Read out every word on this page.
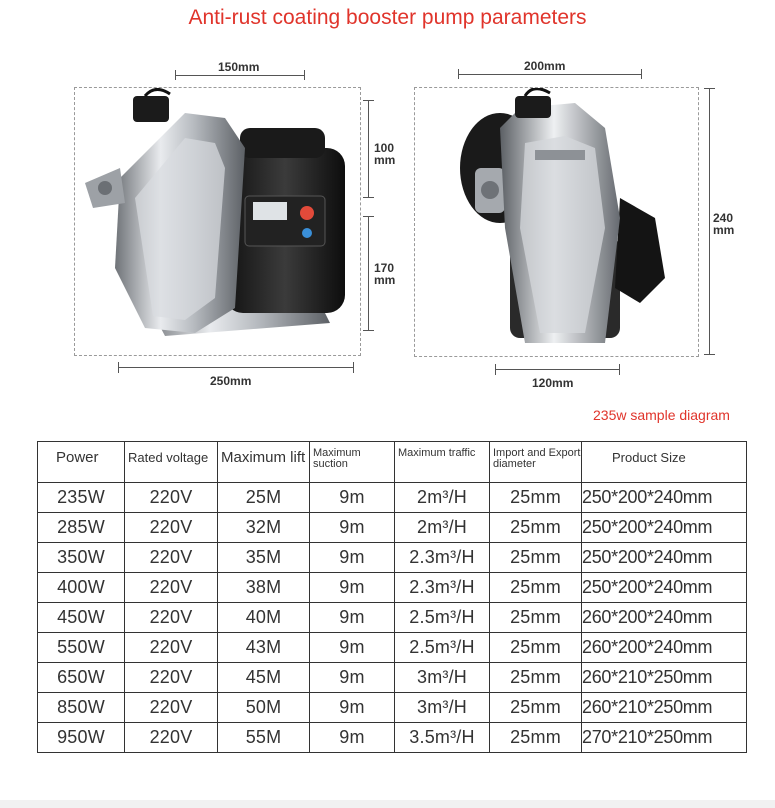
Anti-rust coating booster pump parameters
150mm
100
mm
170
mm
250mm
200mm
240
mm
120mm
235w sample diagram
Power	Rated voltage	Maximum lift	Maximum suction	Maximum traffic	Import and Export diameter	Product Size
235W	220V	25M	9m	2m³/H	25mm	250*200*240mm
285W	220V	32M	9m	2m³/H	25mm	250*200*240mm
350W	220V	35M	9m	2.3m³/H	25mm	250*200*240mm
400W	220V	38M	9m	2.3m³/H	25mm	250*200*240mm
450W	220V	40M	9m	2.5m³/H	25mm	260*200*240mm
550W	220V	43M	9m	2.5m³/H	25mm	260*200*240mm
650W	220V	45M	9m	3m³/H	25mm	260*210*250mm
850W	220V	50M	9m	3m³/H	25mm	260*210*250mm
950W	220V	55M	9m	3.5m³/H	25mm	270*210*250mm
